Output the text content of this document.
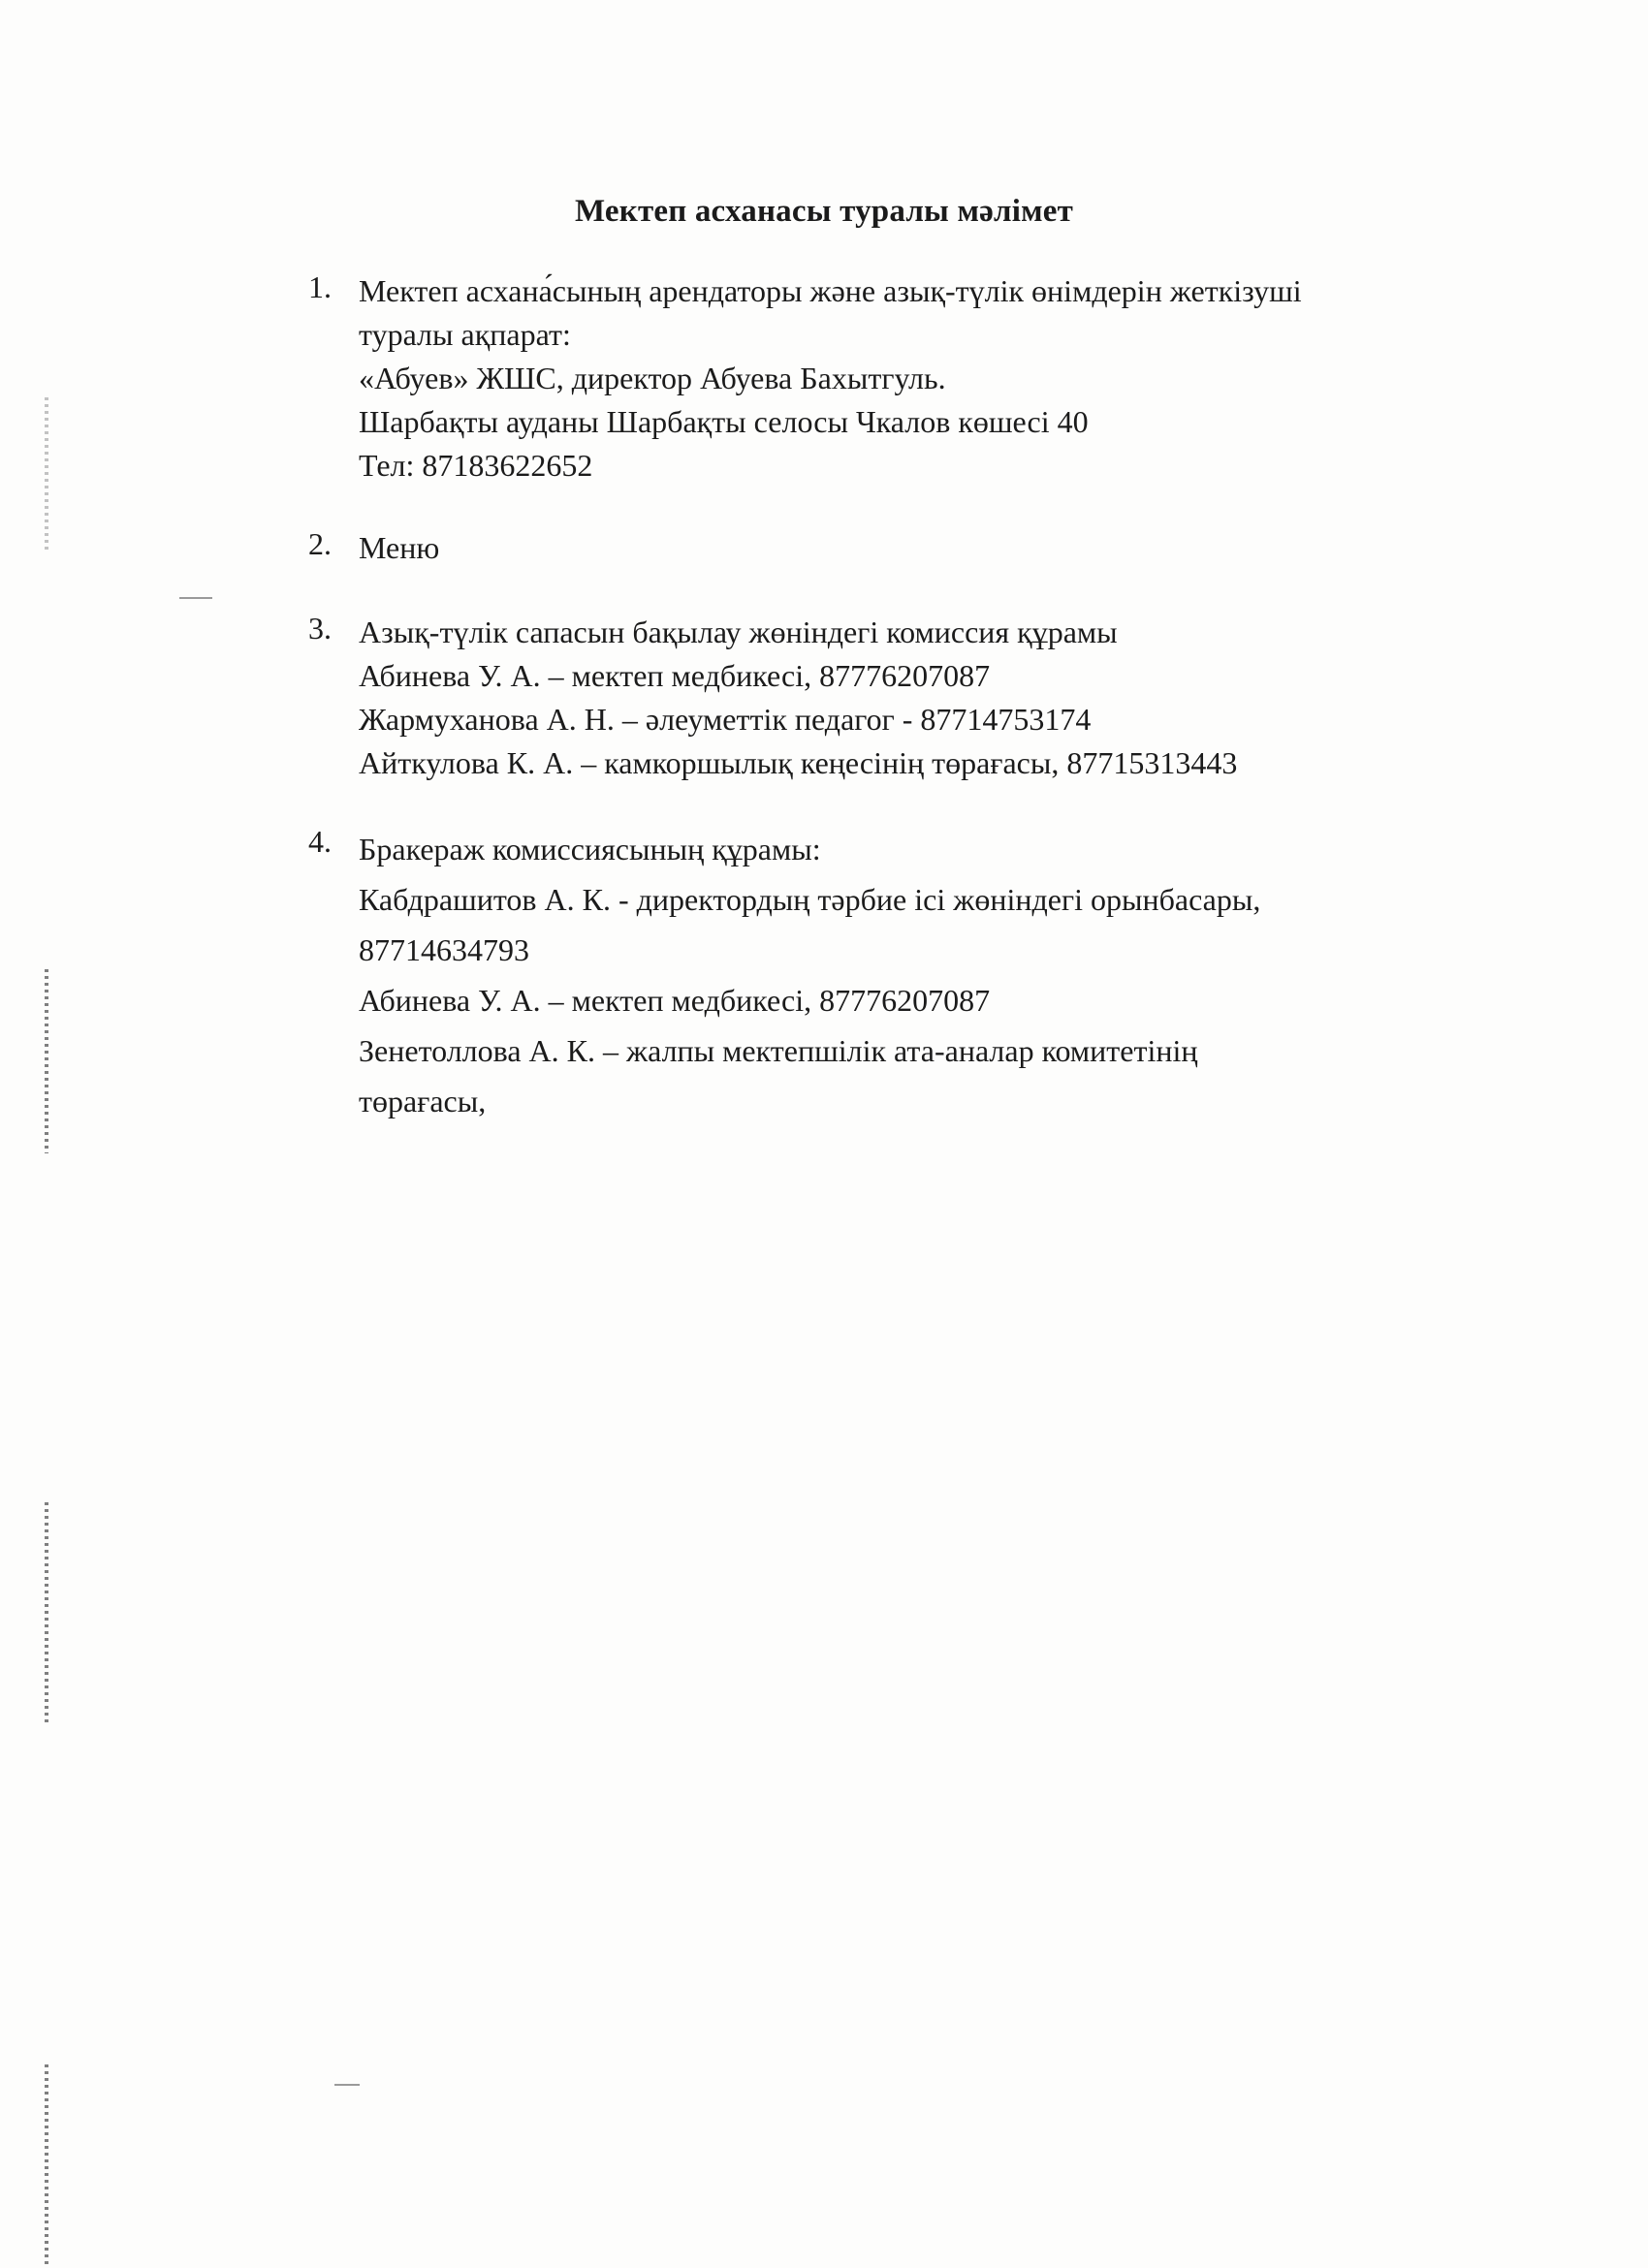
Мектеп асханасы туралы мәлімет
1. Мектеп асхана́сының арендаторы және азық-түлік өнімдерін жеткізуші
туралы ақпарат:
«Абуев» ЖШС, директор Абуева Бахытгуль.
Шарбақты ауданы Шарбақты селосы Чкалов көшесі 40
Тел: 87183622652
2. Меню
3. Азық-түлік сапасын бақылау жөніндегі комиссия құрамы
Абинева У. А. – мектеп медбикесі, 87776207087
Жармуханова А. Н. – әлеуметтік педагог - 87714753174
Айткулова К. А. – камкоршылық кеңесінің төрағасы, 87715313443
4. Бракераж комиссиясының құрамы:
Кабдрашитов А. К. - директордың тәрбие ісі жөніндегі орынбасары,
87714634793
Абинева У. А. – мектеп медбикесі, 87776207087
Зенетоллова А. К. – жалпы мектепшілік ата-аналар комитетінің
төрағасы,
